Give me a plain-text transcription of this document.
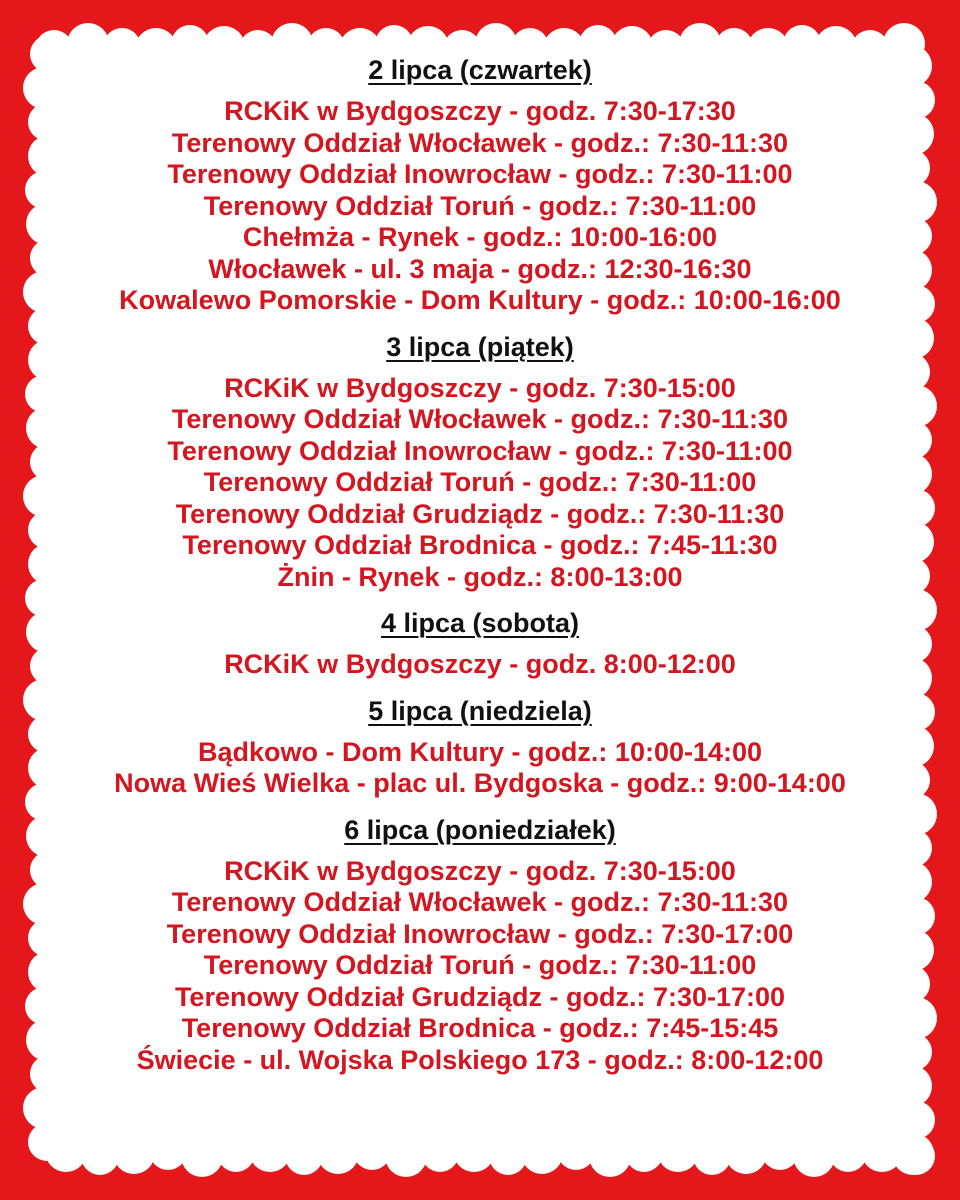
2 lipca (czwartek)
RCKiK w Bydgoszczy - godz. 7:30-17:30
Terenowy Oddział Włocławek - godz.: 7:30-11:30
Terenowy Oddział Inowrocław - godz.: 7:30-11:00
Terenowy Oddział Toruń - godz.: 7:30-11:00
Chełmża - Rynek - godz.: 10:00-16:00
Włocławek - ul. 3 maja - godz.: 12:30-16:30
Kowalewo Pomorskie - Dom Kultury - godz.: 10:00-16:00
3 lipca (piątek)
RCKiK w Bydgoszczy - godz. 7:30-15:00
Terenowy Oddział Włocławek - godz.: 7:30-11:30
Terenowy Oddział Inowrocław - godz.: 7:30-11:00
Terenowy Oddział Toruń - godz.: 7:30-11:00
Terenowy Oddział Grudziądz - godz.: 7:30-11:30
Terenowy Oddział Brodnica - godz.: 7:45-11:30
Żnin - Rynek - godz.: 8:00-13:00
4 lipca (sobota)
RCKiK w Bydgoszczy - godz. 8:00-12:00
5 lipca (niedziela)
Bądkowo - Dom Kultury - godz.: 10:00-14:00
Nowa Wieś Wielka - plac ul. Bydgoska - godz.: 9:00-14:00
6 lipca (poniedziałek)
RCKiK w Bydgoszczy - godz. 7:30-15:00
Terenowy Oddział Włocławek - godz.: 7:30-11:30
Terenowy Oddział Inowrocław - godz.: 7:30-17:00
Terenowy Oddział Toruń - godz.: 7:30-11:00
Terenowy Oddział Grudziądz - godz.: 7:30-17:00
Terenowy Oddział Brodnica - godz.: 7:45-15:45
Świecie - ul. Wojska Polskiego 173 - godz.: 8:00-12:00
